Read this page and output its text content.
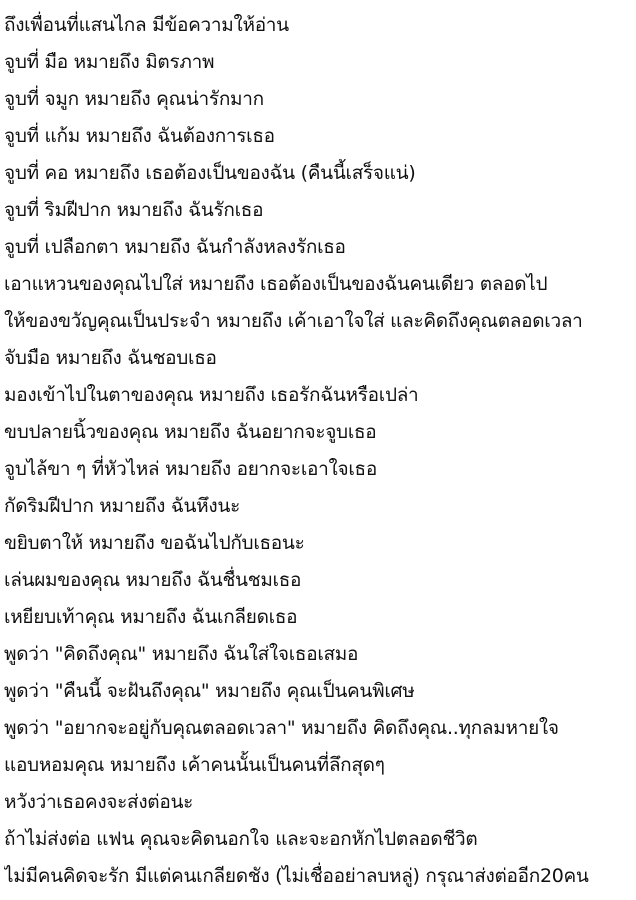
ถึงเพื่อนที่แสนไกล มีข้อความให้อ่าน
จูบที่ มือ หมายถึง มิตรภาพ
จูบที่ จมูก หมายถึง คุณน่ารักมาก
จูบที่ แก้ม หมายถึง ฉันต้องการเธอ
จูบที่ คอ หมายถึง เธอต้องเป็นของฉัน (คืนนี้เสร็จแน่)
จูบที่ ริมฝีปาก หมายถึง ฉันรักเธอ
จูบที่ เปลือกตา หมายถึง ฉันกำลังหลงรักเธอ
เอาแหวนของคุณไปใส่ หมายถึง เธอต้องเป็นของฉันคนเดียว ตลอดไป
ให้ของขวัญคุณเป็นประจำ หมายถึง เค้าเอาใจใส่ และคิดถึงคุณตลอดเวลา
จับมือ หมายถึง ฉันชอบเธอ
มองเข้าไปในตาของคุณ หมายถึง เธอรักฉันหรือเปล่า
ขบปลายนิ้วของคุณ หมายถึง ฉันอยากจะจูบเธอ
จูบไล้ขา ๆ ที่หัวไหล่ หมายถึง อยากจะเอาใจเธอ
กัดริมฝีปาก หมายถึง ฉันหึงนะ
ขยิบตาให้ หมายถึง ขอฉันไปกับเธอนะ
เล่นผมของคุณ หมายถึง ฉันชื่นชมเธอ
เหยียบเท้าคุณ หมายถึง ฉันเกลียดเธอ
พูดว่า "คิดถึงคุณ" หมายถึง ฉันใส่ใจเธอเสมอ
พูดว่า "คืนนี้ จะฝันถึงคุณ" หมายถึง คุณเป็นคนพิเศษ
พูดว่า "อยากจะอยู่กับคุณตลอดเวลา" หมายถึง คิดถึงคุณ..ทุกลมหายใจ
แอบหอมคุณ หมายถึง เค้าคนนั้นเป็นคนที่ลึกสุดๆ
หวังว่าเธอคงจะส่งต่อนะ
ถ้าไม่ส่งต่อ แฟน คุณจะคิดนอกใจ และจะอกหักไปตลอดชีวิต
ไม่มีคนคิดจะรัก มีแต่คนเกลียดชัง (ไม่เชื่ออย่าลบหลู่) กรุณาส่งต่ออีก20คน
